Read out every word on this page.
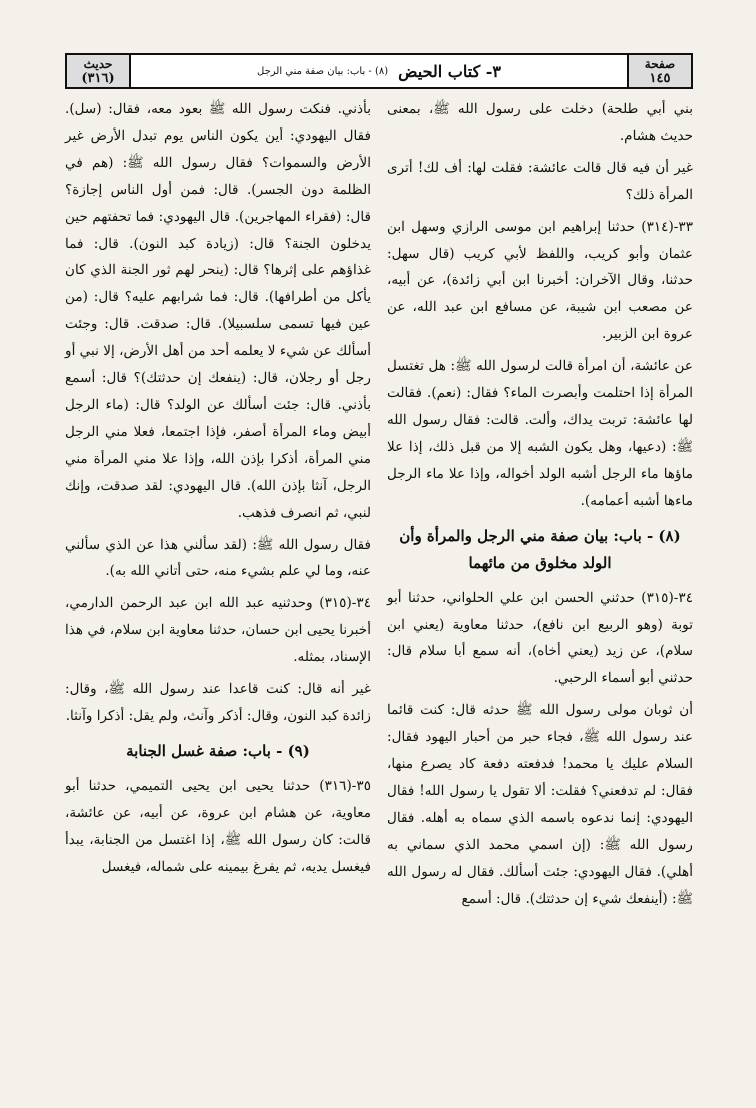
صفحة
١٤٥
٣- كتاب الحيض
(٨) - باب: بيان صفة مني الرجل
حديث
(٣١٦)

بني أبي طلحة) دخلت على رسول الله ﷺ، بمعنى حديث هشام.

غير أن فيه قال قالت عائشة: فقلت لها: أف لك! أترى المرأة ذلك؟

٣٣-(٣١٤) حدثنا إبراهيم ابن موسى الرازي وسهل ابن عثمان وأبو كريب، واللفظ لأبي كريب (قال سهل: حدثنا، وقال الآخران: أخبرنا ابن أبي زائدة)، عن أبيه، عن مصعب ابن شيبة، عن مسافع ابن عبد الله، عن عروة ابن الزبير.

عن عائشة، أن امرأة قالت لرسول الله ﷺ: هل تغتسل المرأة إذا احتلمت وأبصرت الماء؟ فقال: (نعم). فقالت لها عائشة: تربت يداك، وألت. قالت: فقال رسول الله ﷺ: (دعيها، وهل يكون الشبه إلا من قبل ذلك، إذا علا ماؤها ماء الرجل أشبه الولد أخواله، وإذا علا ماء الرجل ماءها أشبه أعمامه).

(٨) - باب: بيان صفة مني الرجل والمرأة وأن الولد مخلوق من مائهما

٣٤-(٣١٥) حدثني الحسن ابن علي الحلواني، حدثنا أبو توبة (وهو الربيع ابن نافع)، حدثنا معاوية (يعني ابن سلام)، عن زيد (يعني أخاه)، أنه سمع أبا سلام قال: حدثني أبو أسماء الرحبي.

أن ثوبان مولى رسول الله ﷺ حدثه قال: كنت قائما عند رسول الله ﷺ، فجاء حبر من أحبار اليهود فقال: السلام عليك يا محمد! فدفعته دفعة كاد يصرع منها، فقال: لم تدفعني؟ فقلت: ألا تقول يا رسول الله! فقال اليهودي: إنما ندعوه باسمه الذي سماه به أهله. فقال رسول الله ﷺ: (إن اسمي محمد الذي سماني به أهلي). فقال اليهودي: جئت أسألك. فقال له رسول الله ﷺ: (أينفعك شيء إن حدثتك). قال: أسمع

بأذني. فنكت رسول الله ﷺ بعود معه، فقال: (سل). فقال اليهودي: أين يكون الناس يوم تبدل الأرض غير الأرض والسموات؟ فقال رسول الله ﷺ: (هم في الظلمة دون الجسر). قال: فمن أول الناس إجازة؟ قال: (فقراء المهاجرين). قال اليهودي: فما تحفتهم حين يدخلون الجنة؟ قال: (زيادة كبد النون). قال: فما غذاؤهم على إثرها؟ قال: (ينحر لهم ثور الجنة الذي كان يأكل من أطرافها). قال: فما شرابهم عليه؟ قال: (من عين فيها تسمى سلسبيلا). قال: صدقت. قال: وجئت أسألك عن شيء لا يعلمه أحد من أهل الأرض، إلا نبي أو رجل أو رجلان، قال: (ينفعك إن حدثتك)؟ قال: أسمع بأذني. قال: جئت أسألك عن الولد؟ قال: (ماء الرجل أبيض وماء المرأة أصفر، فإذا اجتمعا، فعلا مني الرجل مني المرأة، أذكرا بإذن الله، وإذا علا مني المرأة مني الرجل، آنثا بإذن الله). قال اليهودي: لقد صدقت، وإنك لنبي، ثم انصرف فذهب.

فقال رسول الله ﷺ: (لقد سألني هذا عن الذي سألني عنه، وما لي علم بشيء منه، حتى أتاني الله به).

٣٤-(٣١٥) وحدثنيه عبد الله ابن عبد الرحمن الدارمي، أخبرنا يحيى ابن حسان، حدثنا معاوية ابن سلام، في هذا الإسناد، بمثله.

غير أنه قال: كنت قاعدا عند رسول الله ﷺ، وقال: زائدة كبد النون، وقال: أذكر وآنث، ولم يقل: أذكرا وآنثا.

(٩) - باب: صفة غسل الجنابة

٣٥-(٣١٦) حدثنا يحيى ابن يحيى التميمي، حدثنا أبو معاوية، عن هشام ابن عروة، عن أبيه، عن عائشة، قالت: كان رسول الله ﷺ، إذا اغتسل من الجنابة، يبدأ فيغسل يديه، ثم يفرغ بيمينه على شماله، فيغسل
